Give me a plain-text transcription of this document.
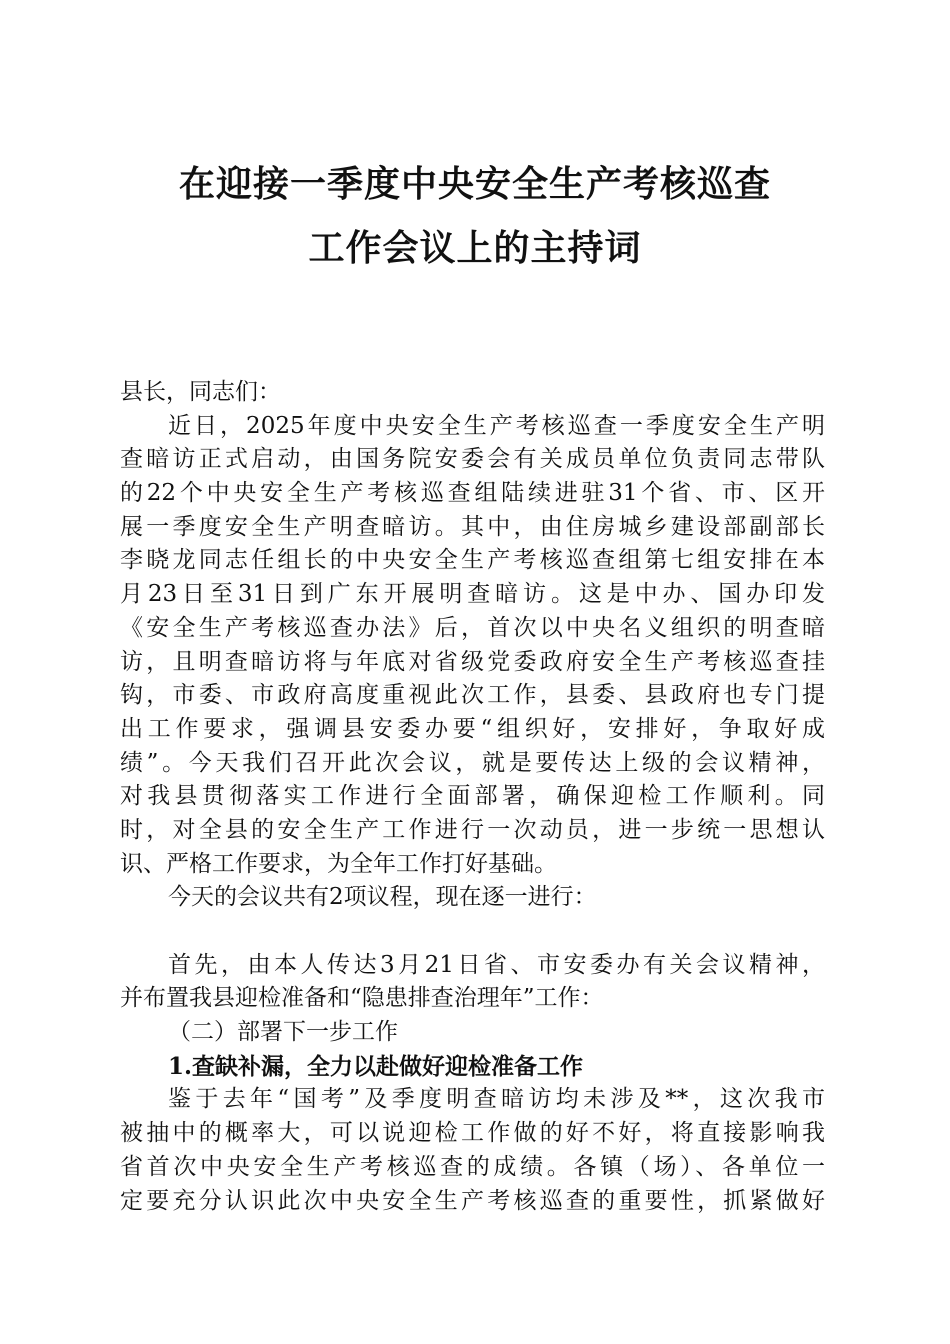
在迎接一季度中央安全生产考核巡查
工作会议上的主持词
县长，同志们：
近日，2025年度中央安全生产考核巡查一季度安全生产明
查暗访正式启动，由国务院安委会有关成员单位负责同志带队
的22个中央安全生产考核巡查组陆续进驻31个省、市、区开
展一季度安全生产明查暗访。其中，由住房城乡建设部副部长
李晓龙同志任组长的中央安全生产考核巡查组第七组安排在本
月23日至31日到广东开展明查暗访。这是中办、国办印发
《安全生产考核巡查办法》后，首次以中央名义组织的明查暗
访，且明查暗访将与年底对省级党委政府安全生产考核巡查挂
钩，市委、市政府高度重视此次工作，县委、县政府也专门提
出工作要求，强调县安委办要“组织好，安排好，争取好成
绩”。今天我们召开此次会议，就是要传达上级的会议精神，
对我县贯彻落实工作进行全面部署，确保迎检工作顺利。同
时，对全县的安全生产工作进行一次动员，进一步统一思想认
识、严格工作要求，为全年工作打好基础。
今天的会议共有2项议程，现在逐一进行：
首先，由本人传达3月21日省、市安委办有关会议精神，
并布置我县迎检准备和“隐患排查治理年”工作：
（二）部署下一步工作
1.查缺补漏，全力以赴做好迎检准备工作
鉴于去年“国考”及季度明查暗访均未涉及**，这次我市
被抽中的概率大，可以说迎检工作做的好不好，将直接影响我
省首次中央安全生产考核巡查的成绩。各镇（场）、各单位一
定要充分认识此次中央安全生产考核巡查的重要性，抓紧做好
